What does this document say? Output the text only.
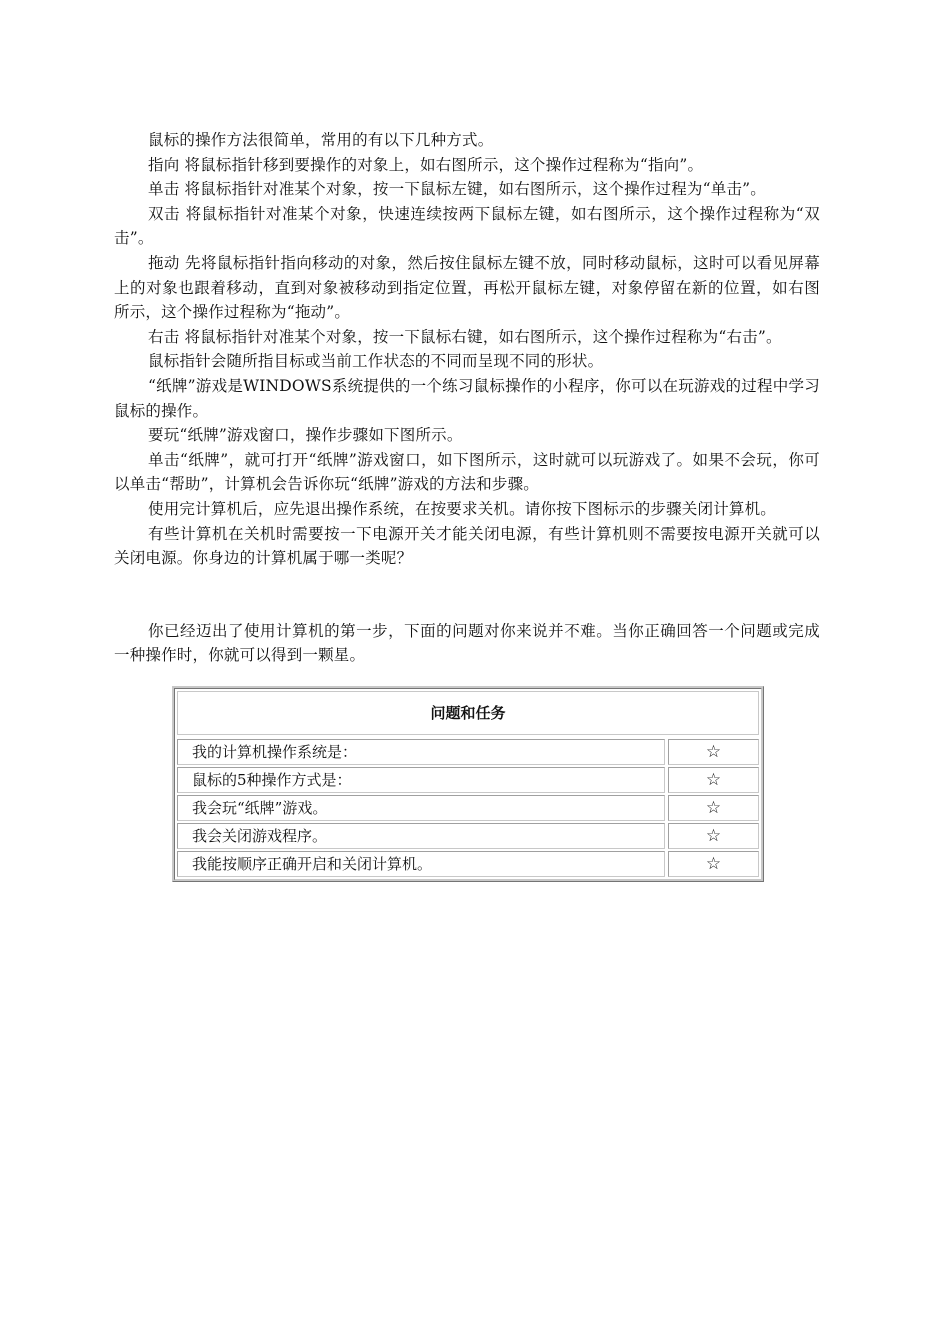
鼠标的操作方法很简单，常用的有以下几种方式。

指向 将鼠标指针移到要操作的对象上，如右图所示，这个操作过程称为“指向”。

单击 将鼠标指针对准某个对象，按一下鼠标左键，如右图所示，这个操作过程为“单击”。

双击 将鼠标指针对准某个对象，快速连续按两下鼠标左键，如右图所示，这个操作过程称为“双击”。

拖动 先将鼠标指针指向移动的对象，然后按住鼠标左键不放，同时移动鼠标，这时可以看见屏幕上的对象也跟着移动，直到对象被移动到指定位置，再松开鼠标左键，对象停留在新的位置，如右图所示，这个操作过程称为“拖动”。

右击 将鼠标指针对准某个对象，按一下鼠标右键，如右图所示，这个操作过程称为“右击”。

鼠标指针会随所指目标或当前工作状态的不同而呈现不同的形状。

“纸牌”游戏是WINDOWS系统提供的一个练习鼠标操作的小程序，你可以在玩游戏的过程中学习鼠标的操作。

要玩“纸牌”游戏窗口，操作步骤如下图所示。

单击“纸牌”，就可打开“纸牌”游戏窗口，如下图所示，这时就可以玩游戏了。如果不会玩，你可以单击“帮助”，计算机会告诉你玩“纸牌”游戏的方法和步骤。

使用完计算机后，应先退出操作系统，在按要求关机。请你按下图标示的步骤关闭计算机。

有些计算机在关机时需要按一下电源开关才能关闭电源，有些计算机则不需要按电源开关就可以关闭电源。你身边的计算机属于哪一类呢？

你已经迈出了使用计算机的第一步，下面的问题对你来说并不难。当你正确回答一个问题或完成一种操作时，你就可以得到一颗星。

问题和任务
我的计算机操作系统是：	☆
鼠标的5种操作方式是：	☆
我会玩“纸牌”游戏。	☆
我会关闭游戏程序。	☆
我能按顺序正确开启和关闭计算机。	☆
